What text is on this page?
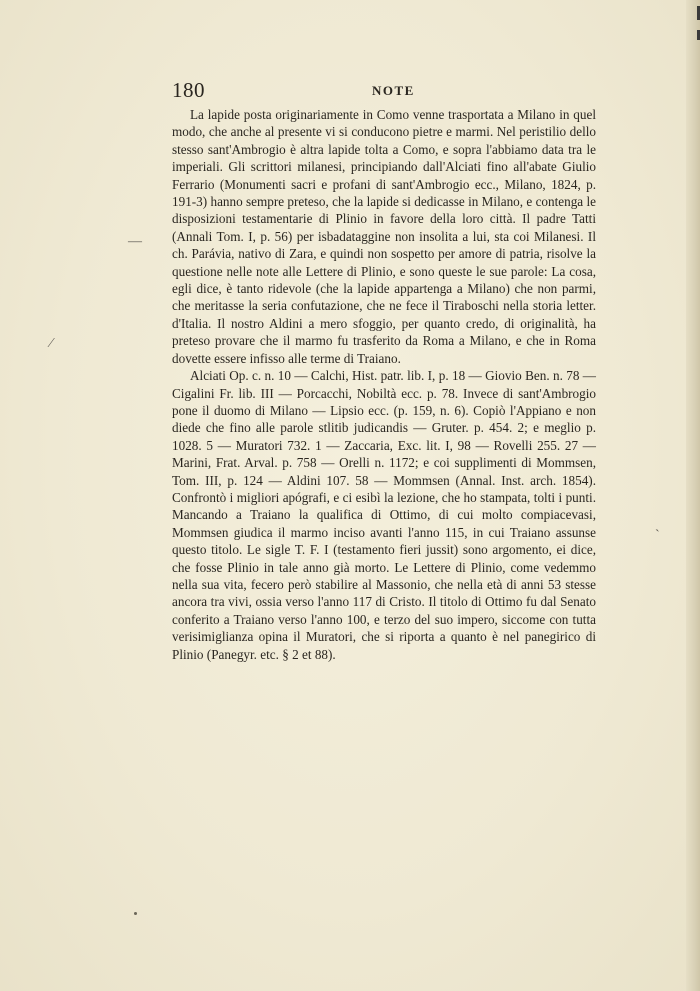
180	NOTE

La lapide posta originariamente in Como venne trasportata a Milano in quel modo, che anche al presente vi si conducono pietre e marmi. Nel peristilio dello stesso sant'Ambrogio è altra lapide tolta a Como, e sopra l'abbiamo data tra le imperiali. Gli scrittori milanesi, principiando dall'Alciati fino all'abate Giulio Ferrario (Monumenti sacri e profani di sant'Ambrogio ecc., Milano, 1824, p. 191-3) hanno sempre preteso, che la lapide si dedicasse in Milano, e contenga le disposizioni testamentarie di Plinio in favore della loro città. Il padre Tatti (Annali Tom. I, p. 56) per isbadataggine non insolita a lui, sta coi Milanesi. Il ch. Parávia, nativo di Zara, e quindi non sospetto per amore di patria, risolve la questione nelle note alle Lettere di Plinio, e sono queste le sue parole: La cosa, egli dice, è tanto ridevole (che la lapide appartenga a Milano) che non parmi, che meritasse la seria confutazione, che ne fece il Tiraboschi nella storia letter. d'Italia. Il nostro Aldini a mero sfoggio, per quanto credo, di originalità, ha preteso provare che il marmo fu trasferito da Roma a Milano, e che in Roma dovette essere infisso alle terme di Traiano.

Alciati Op. c. n. 10 — Calchi, Hist. patr. lib. I, p. 18 — Giovio Ben. n. 78 — Cigalini Fr. lib. III — Porcacchi, Nobiltà ecc. p. 78. Invece di sant'Ambrogio pone il duomo di Milano — Lipsio ecc. (p. 159, n. 6). Copiò l'Appiano e non diede che fino alle parole stlitib judicandis — Gruter. p. 454. 2; e meglio p. 1028. 5 — Muratori 732. 1 — Zaccaria, Exc. lit. I, 98 — Rovelli 255. 27 — Marini, Frat. Arval. p. 758 — Orelli n. 1172; e coi supplimenti di Mommsen, Tom. III, p. 124 — Aldini 107. 58 — Mommsen (Annal. Inst. arch. 1854). Confrontò i migliori apógrafi, e ci esibì la lezione, che ho stampata, tolti i punti. Mancando a Traiano la qualifica di Ottimo, di cui molto compiacevasi, Mommsen giudica il marmo inciso avanti l'anno 115, in cui Traiano assunse questo titolo. Le sigle T. F. I (testamento fieri jussit) sono argomento, ei dice, che fosse Plinio in tale anno già morto. Le Lettere di Plinio, come vedemmo nella sua vita, fecero però stabilire al Massonio, che nella età di anni 53 stesse ancora tra vivi, ossia verso l'anno 117 di Cristo. Il titolo di Ottimo fu dal Senato conferito a Traiano verso l'anno 100, e terzo del suo impero, siccome con tutta verisimiglianza opina il Muratori, che si riporta a quanto è nel panegirico di Plinio (Panegyr. etc. § 2 et 88).

—
⁄
ˋ
